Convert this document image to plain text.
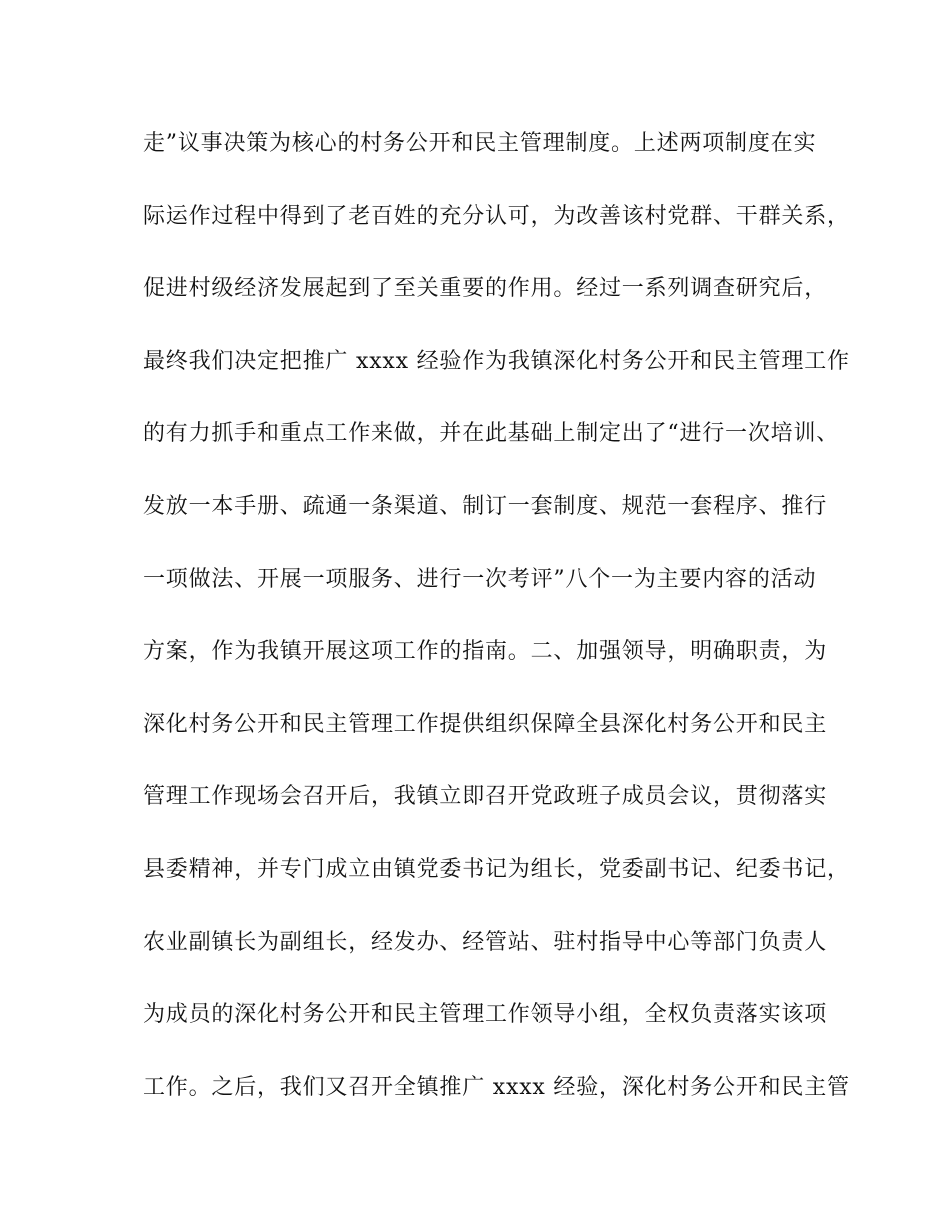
走”议事决策为核心的村务公开和民主管理制度。上述两项制度在实
际运作过程中得到了老百姓的充分认可，为改善该村党群、干群关系，
促进村级经济发展起到了至关重要的作用。经过一系列调查研究后，
最终我们决定把推广 xxxx 经验作为我镇深化村务公开和民主管理工作
的有力抓手和重点工作来做，并在此基础上制定出了“进行一次培训、
发放一本手册、疏通一条渠道、制订一套制度、规范一套程序、推行
一项做法、开展一项服务、进行一次考评”八个一为主要内容的活动
方案，作为我镇开展这项工作的指南。二、加强领导，明确职责，为
深化村务公开和民主管理工作提供组织保障全县深化村务公开和民主
管理工作现场会召开后，我镇立即召开党政班子成员会议，贯彻落实
县委精神，并专门成立由镇党委书记为组长，党委副书记、纪委书记，
农业副镇长为副组长，经发办、经管站、驻村指导中心等部门负责人
为成员的深化村务公开和民主管理工作领导小组，全权负责落实该项
工作。之后，我们又召开全镇推广 xxxx 经验，深化村务公开和民主管
